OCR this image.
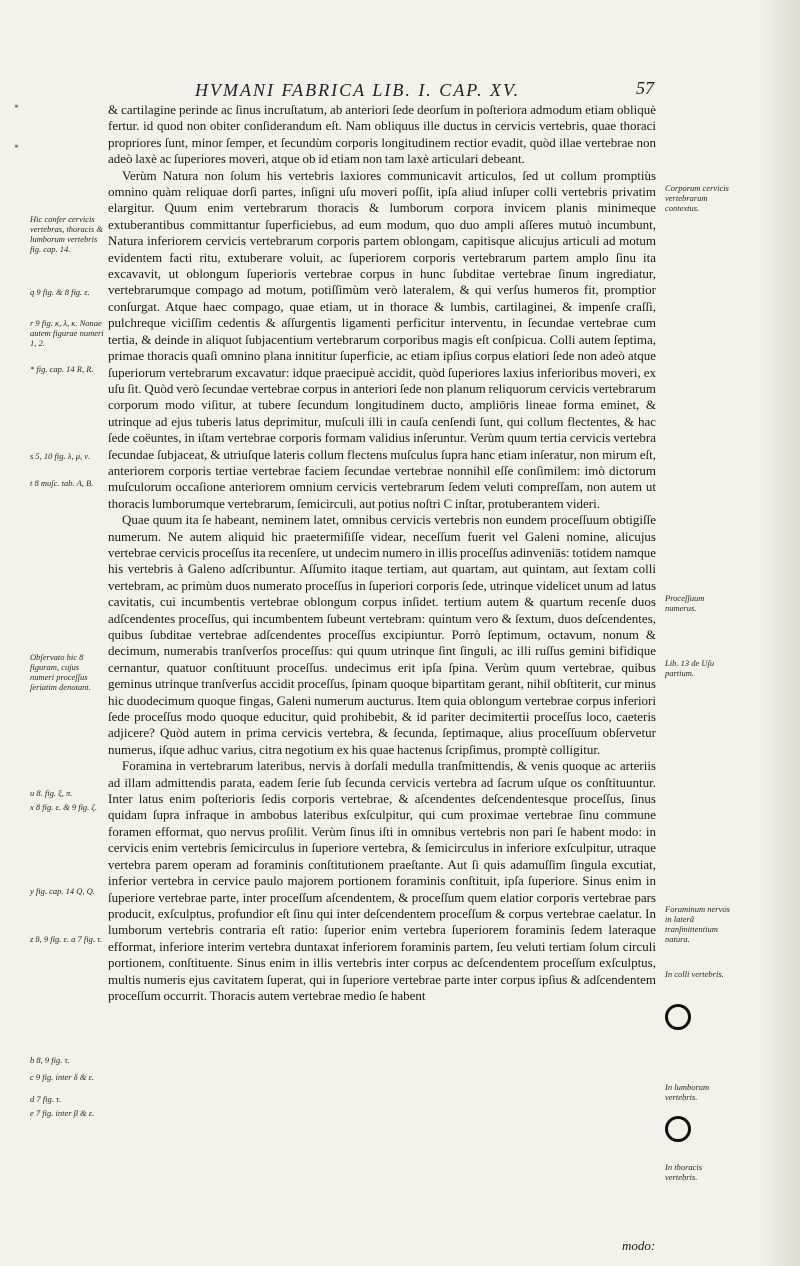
HVMANI FABRICA LIB. I. CAP. XV.	57

& cartilagine perinde ac ſinus incruſtatum, ab anteriori ſede deorſum in poſteriora admodum etiam obliquè fertur. id quod non obiter conſiderandum eſt. Nam obliquus ille ductus in cervicis vertebris, quae thoraci propriores ſunt, minor ſemper, et ſecundùm corporis longitudinem rectior evadit, quòd illae vertebrae non adeò laxè ac ſuperiores moveri, atque ob id etiam non tam laxè articulari debeant.

Verùm Natura non ſolum his vertebris laxiores communicavit articulos, ſed ut collum promptiùs omnino quàm reliquae dorſi partes, inſigni uſu moveri poſſit, ipſa aliud inſuper colli vertebris privatim elargitur. Quum enim vertebrarum thoracis & lumborum corpora invicem planis minimeque extuberantibus committantur ſuperficiebus, ad eum modum, quo duo ampli aſſeres mutuò incumbunt, Natura inferiorem cervicis vertebrarum corporis partem oblongam, capitisque alicujus articuli ad motum evidentem facti ritu, extuberare voluit, ac ſuperiorem corporis vertebrarum partem amplo ſinu ita excavavit, ut oblongum ſuperioris vertebrae corpus in hunc ſubditae vertebrae ſinum ingrediatur, vertebrarumque compago ad motum, potiſſimùm verò lateralem, & qui verſus humeros fit, promptior conſurgat. Atque haec compago, quae etiam, ut in thorace & lumbis, cartilaginei, & impenſe craſſi, pulchreque viciſſim cedentis & aſſurgentis ligamenti perficitur interventu, in ſecundae vertebrae cum tertia, & deinde in aliquot ſubjacentium vertebrarum corporibus magis eſt conſpicua. Colli autem ſeptima, primae thoracis quaſi omnino plana innititur ſuperficie, ac etiam ipſius corpus elatiori ſede non adeò atque ſuperiorum vertebrarum excavatur: idque praecipuè accidit, quòd ſuperiores laxius inferioribus moveri, ex uſu ſit. Quòd verò ſecundae vertebrae corpus in anteriori ſede non planum reliquorum cervicis vertebrarum corporum modo viſitur, at tubere ſecundum longitudinem ducto, ampliōris lineae forma eminet, & utrinque ad ejus tuberis latus deprimitur, muſculi illi in cauſa cenſendi ſunt, qui collum flectentes, & hac ſede coëuntes, in iſtam vertebrae corporis formam validius inſeruntur. Verùm quum tertia cervicis vertebra ſecundae ſubjaceat, & utriuſque lateris collum flectens muſculus ſupra hanc etiam inſeratur, non mirum eſt, anteriorem corporis tertiae vertebrae faciem ſecundae vertebrae nonnihil eſſe conſimilem: imò dictorum muſculorum occaſione anteriorem omnium cervicis vertebrarum ſedem veluti compreſſam, non autem ut thoracis lumborumque vertebrarum, ſemicirculi, aut potius noſtri C inſtar, protuberantem videri.

Quae quum ita ſe habeant, neminem latet, omnibus cervicis vertebris non eundem proceſſuum obtigiſſe numerum. Ne autem aliquid hic praetermiſiſſe videar, neceſſum fuerit vel Galeni nomine, alicujus vertebrae cervicis proceſſus ita recenſere, ut undecim numero in illis proceſſus adinveniās: totidem namque his vertebris à Galeno adſcribuntur. Aſſumito itaque tertiam, aut quartam, aut quintam, aut ſextam colli vertebram, ac primùm duos numerato proceſſus in ſuperiori corporis ſede, utrinque videlicet unum ad latus cavitatis, cui incumbentis vertebrae oblongum corpus inſidet. tertium autem & quartum recenſe duos adſcendentes proceſſus, qui incumbentem ſubeunt vertebram: quintum vero & ſextum, duos deſcendentes, quibus ſubditae vertebrae adſcendentes proceſſus excipiuntur. Porrò ſeptimum, octavum, nonum & decimum, numerabis tranſverſos proceſſus: qui quum utrinque ſint ſinguli, ac illi ruſſus gemini bifidique cernantur, quatuor conſtituunt proceſſus. undecimus erit ipſa ſpina. Verùm quum vertebrae, quibus geminus utrinque tranſverſus accidit proceſſus, ſpinam quoque bipartitam gerant, nihil obſtiterit, cur minus hic duodecimum quoque fingas, Galeni numerum aucturus. Item quia oblongum vertebrae corpus inferiori ſede proceſſus modo quoque educitur, quid prohibebit, & id pariter decimitertii proceſſus loco, caeteris adjicere? Quòd autem in prima cervicis vertebra, & ſecunda, ſeptimaque, alius proceſſuum obſervetur numerus, iſque adhuc varius, citra negotium ex his quae hactenus ſcripſimus, promptè colligitur.

Foramina in vertebrarum lateribus, nervis à dorſali medulla tranſmittendis, & venis quoque ac arteriis ad illam admittendis parata, eadem ſerie ſub ſecunda cervicis vertebra ad ſacrum uſque os conſtituuntur. Inter latus enim poſterioris ſedis corporis vertebrae, & aſcendentes deſcendentesque proceſſus, ſinus quidam ſupra infraque in ambobus lateribus exſculpitur, qui cum proximae vertebrae ſinu commune foramen efformat, quo nervus proſilit. Verùm ſinus iſti in omnibus vertebris non pari ſe habent modo: in cervicis enim vertebris ſemicirculus in ſuperiore vertebra, & ſemicirculus in inferiore exſculpitur, utraque vertebra parem operam ad foraminis conſtitutionem praeſtante. Aut ſi quis adamuſſim ſingula excutiat, inferior vertebra in cervice paulo majorem portionem foraminis conſtituit, ipſa ſuperiore. Sinus enim in ſuperiore vertebrae parte, inter proceſſum aſcendentem, & proceſſum quem elatior corporis vertebrae pars producit, exſculptus, profundior eſt ſinu qui inter deſcendentem proceſſum & corpus vertebrae caelatur. In lumborum vertebris contraria eſt ratio: ſuperior enim vertebra ſuperiorem foraminis ſedem lateraque efformat, inferiore interim vertebra duntaxat inferiorem foraminis partem, ſeu veluti tertiam ſolum circuli portionem, conſtituente. Sinus enim in illis vertebris inter corpus ac deſcendentem proceſſum exſculptus, multis numeris ejus cavitatem ſuperat, qui in ſuperiore vertebrae parte inter corpus ipſius & adſcendentem proceſſum occurrit. Thoracis autem vertebrae medio ſe habent

modo:
Hic confer cervicis vertebras, thoracis & lumborum vertebris fig. cap. 14.
q 9 fig. & 8 fig. ε.
r 9 fig. κ, λ, κ. Nonae autem figurae numeri 1, 2.
* fig. cap. 14 R, R.
s 5, 10 fig. λ, μ, ν.
t 8 muſc. tab. A, B.
Obſervato hic 8 figuram, cujus numeri proceſſus ſeriatim denotant.
u 8. fig. ξ, π.
x 8 fig. ε. & 9 fig. ζ.
y fig. cap. 14 Q, Q.
z 8, 9 fig. ε. a 7 fig. τ.
b 8, 9 fig. τ.
c 9 fig. inter δ & ε.
d 7 fig. τ.
e 7 fig. inter β & ε.
Corporum cervicis vertebrarum contextus.
Proceſſuum numerus.
Lib. 13 de Uſu partium.
Foraminum nervos in laterâ tranſmittentium natura.
In colli vertebris.
In lumborum vertebris.
In thoracis vertebris.
•
•
